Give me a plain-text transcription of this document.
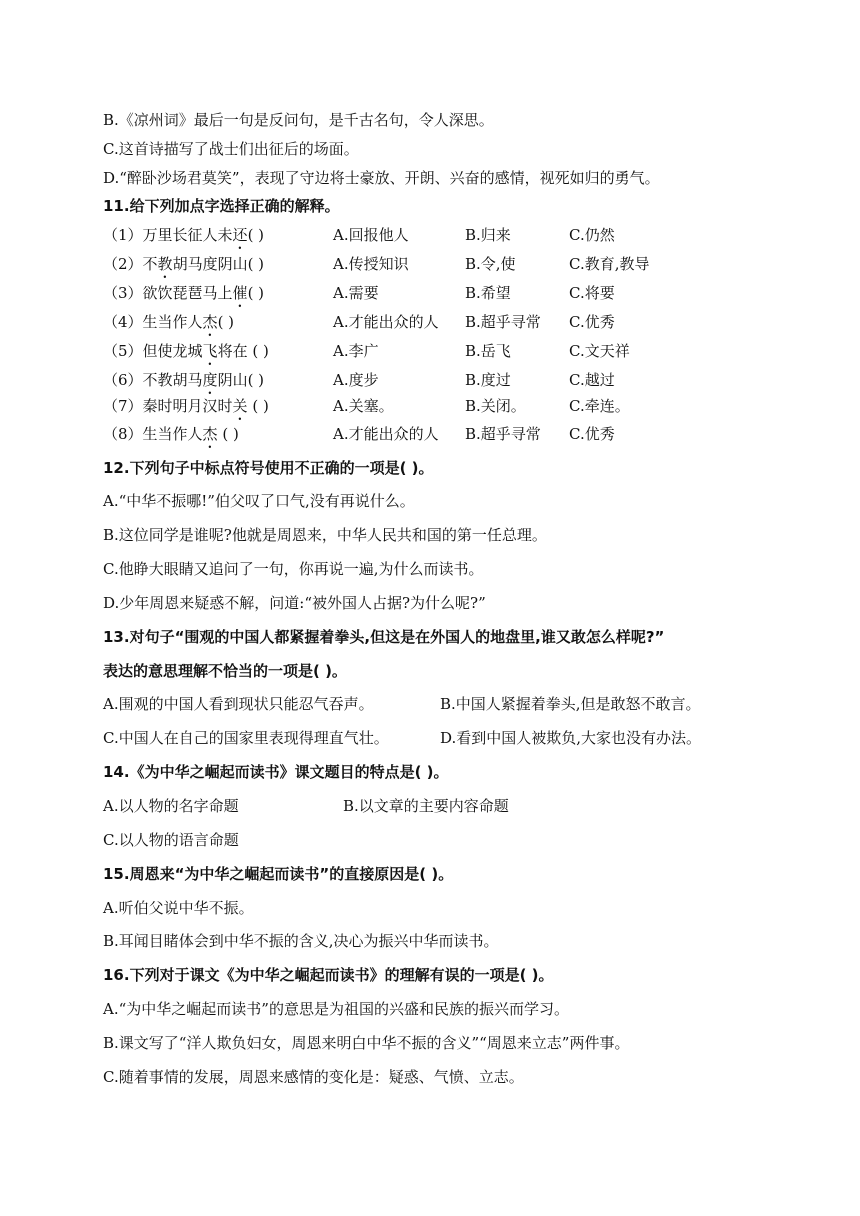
B.《凉州词》最后一句是反问句，是千古名句，令人深思。
C.这首诗描写了战士们出征后的场面。
D.“醉卧沙场君莫笑”，表现了守边将士豪放、开朗、兴奋的感情，视死如归的勇气。
11.给下列加点字选择正确的解释。
（1）万里长征人未还( )	A.回报他人	B.归来	C.仍然
（2）不教胡马度阴山( )	A.传授知识	B.令,使	C.教育,教导
（3）欲饮琵琶马上催( )	A.需要	B.希望	C.将要
（4）生当作人杰( )	A.才能出众的人 B.超乎寻常 C.优秀
（5）但使龙城飞将在 ( )	A.李广	B.岳飞	C.文天祥
（6）不教胡马度阴山( )	A.度步	B.度过	C.越过
（7）秦时明月汉时关 ( )	A.关塞。	B.关闭。	C.牵连。
（8）生当作人杰 ( )	A.才能出众的人 B.超乎寻常 C.优秀
12.下列句子中标点符号使用不正确的一项是( )。
A.“中华不振哪!”伯父叹了口气,没有再说什么。
B.这位同学是谁呢?他就是周恩来，中华人民共和国的第一任总理。
C.他睁大眼睛又追问了一句，你再说一遍,为什么而读书。
D.少年周恩来疑惑不解，问道:“被外国人占据?为什么呢?”
13.对句子“围观的中国人都紧握着拳头,但这是在外国人的地盘里,谁又敢怎么样呢?”
表达的意思理解不恰当的一项是( )。
A.围观的中国人看到现状只能忍气吞声。	B.中国人紧握着拳头,但是敢怒不敢言。
C.中国人在自己的国家里表现得理直气壮。	D.看到中国人被欺负,大家也没有办法。
14.《为中华之崛起而读书》课文题目的特点是( )。
A.以人物的名字命题	B.以文章的主要内容命题
C.以人物的语言命题
15.周恩来“为中华之崛起而读书”的直接原因是( )。
A.听伯父说中华不振。
B.耳闻目睹体会到中华不振的含义,决心为振兴中华而读书。
16.下列对于课文《为中华之崛起而读书》的理解有误的一项是( )。
A.“为中华之崛起而读书”的意思是为祖国的兴盛和民族的振兴而学习。
B.课文写了“洋人欺负妇女，周恩来明白中华不振的含义”“周恩来立志”两件事。
C.随着事情的发展，周恩来感情的变化是：疑惑、气愤、立志。
